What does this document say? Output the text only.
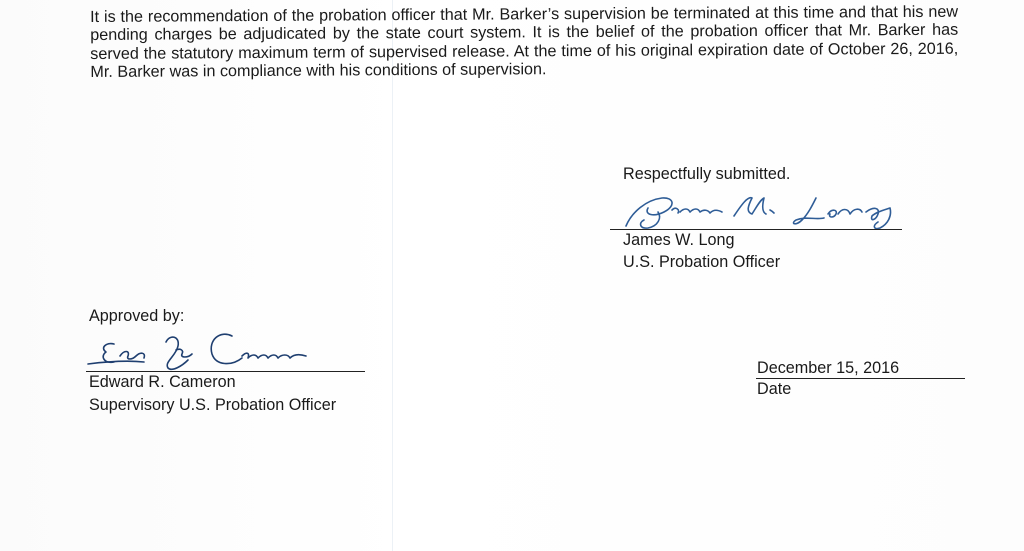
It is the recommendation of the probation officer that Mr. Barker’s supervision be terminated at this time and that his new pending charges be adjudicated by the state court system. It is the belief of the probation officer that Mr. Barker has served the statutory maximum term of supervised release. At the time of his original expiration date of October 26, 2016, Mr. Barker was in compliance with his conditions of supervision.

Respectfully submitted.
James W. Long
U.S. Probation Officer
Approved by:
Edward R. Cameron
Supervisory U.S. Probation Officer
December 15, 2016
Date
